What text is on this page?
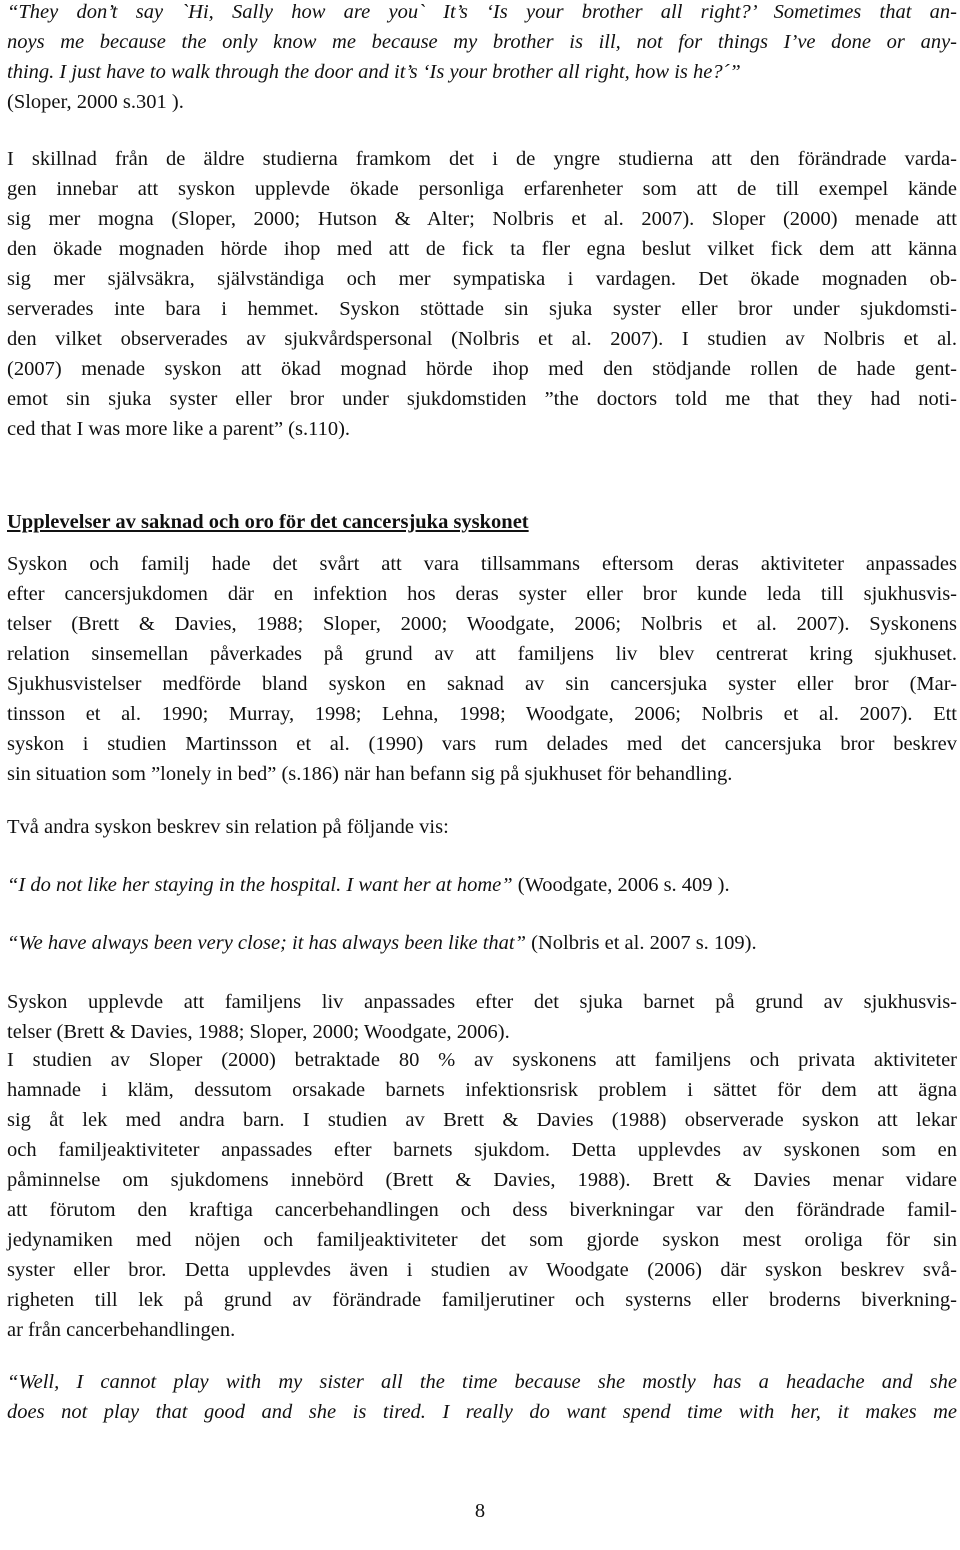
“They don’t say `Hi, Sally how are you` It’s ‘Is your brother all right?’ Sometimes that an-
noys me because the only know me because my brother is ill, not for things I’ve done or any-
thing. I just have to walk through the door and it’s ‘Is your brother all right, how is he?´”
(Sloper, 2000 s.301 ).
I skillnad från de äldre studierna framkom det i de yngre studierna att den förändrade varda-
gen innebar att syskon upplevde ökade personliga erfarenheter som att de till exempel kände
sig mer mogna (Sloper, 2000; Hutson & Alter; Nolbris et al. 2007). Sloper (2000) menade att
den ökade mognaden hörde ihop med att de fick ta fler egna beslut vilket fick dem att känna
sig mer självsäkra, självständiga och mer sympatiska i vardagen. Det ökade mognaden ob-
serverades inte bara i hemmet. Syskon stöttade sin sjuka syster eller bror under sjukdomsti-
den vilket observerades av sjukvårdspersonal (Nolbris et al. 2007). I studien av Nolbris et al.
(2007) menade syskon att ökad mognad hörde ihop med den stödjande rollen de hade gent-
emot sin sjuka syster eller bror under sjukdomstiden ”the doctors told me that they had noti-
ced that I was more like a parent” (s.110).
Upplevelser av saknad och oro för det cancersjuka syskonet
Syskon och familj hade det svårt att vara tillsammans eftersom deras aktiviteter anpassades
efter cancersjukdomen där en infektion hos deras syster eller bror kunde leda till sjukhusvis-
telser (Brett & Davies, 1988; Sloper, 2000; Woodgate, 2006; Nolbris et al. 2007). Syskonens
relation sinsemellan påverkades på grund av att familjens liv blev centrerat kring sjukhuset.
Sjukhusvistelser medförde bland syskon en saknad av sin cancersjuka syster eller bror (Mar-
tinsson et al. 1990; Murray, 1998; Lehna, 1998; Woodgate, 2006; Nolbris et al. 2007). Ett
syskon i studien Martinsson et al. (1990) vars rum delades med det cancersjuka bror beskrev
sin situation som ”lonely in bed” (s.186) när han befann sig på sjukhuset för behandling.
Två andra syskon beskrev sin relation på följande vis:
“I do not like her staying in the hospital. I want her at home” (Woodgate, 2006 s. 409 ).
“We have always been very close; it has always been like that” (Nolbris et al. 2007 s. 109).
Syskon upplevde att familjens liv anpassades efter det sjuka barnet på grund av sjukhusvis-
telser (Brett & Davies, 1988; Sloper, 2000; Woodgate, 2006).
I studien av Sloper (2000) betraktade 80 % av syskonens att familjens och privata aktiviteter
hamnade i kläm, dessutom orsakade barnets infektionsrisk problem i sättet för dem att ägna
sig åt lek med andra barn. I studien av Brett & Davies (1988) observerade syskon att lekar
och familjeaktiviteter anpassades efter barnets sjukdom. Detta upplevdes av syskonen som en
påminnelse om sjukdomens innebörd (Brett & Davies, 1988). Brett & Davies menar vidare
att förutom den kraftiga cancerbehandlingen och dess biverkningar var den förändrade famil-
jedynamiken med nöjen och familjeaktiviteter det som gjorde syskon mest oroliga för sin
syster eller bror. Detta upplevdes även i studien av Woodgate (2006) där syskon beskrev svå-
righeten till lek på grund av förändrade familjerutiner och systerns eller broderns biverkning-
ar från cancerbehandlingen.
“Well, I cannot play with my sister all the time because she mostly has a headache and she
does not play that good and she is tired. I really do want spend time with her, it makes me
8
